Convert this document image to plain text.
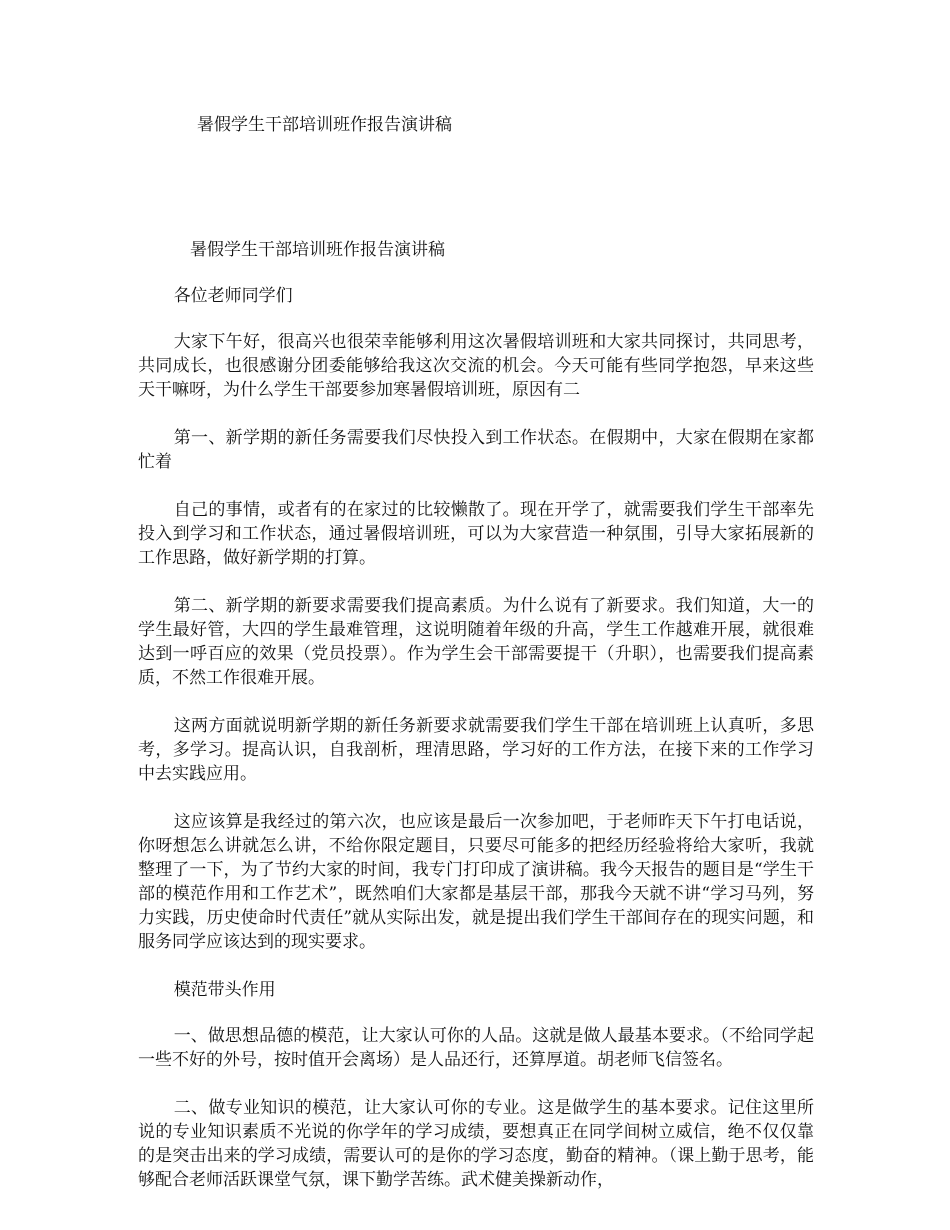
暑假学生干部培训班作报告演讲稿

暑假学生干部培训班作报告演讲稿

各位老师同学们

大家下午好，很高兴也很荣幸能够利用这次暑假培训班和大家共同探讨，共同思考，共同成长，也很感谢分团委能够给我这次交流的机会。今天可能有些同学抱怨，早来这些天干嘛呀，为什么学生干部要参加寒暑假培训班，原因有二

第一、新学期的新任务需要我们尽快投入到工作状态。在假期中，大家在假期在家都忙着

自己的事情，或者有的在家过的比较懒散了。现在开学了，就需要我们学生干部率先投入到学习和工作状态，通过暑假培训班，可以为大家营造一种氛围，引导大家拓展新的工作思路，做好新学期的打算。

第二、新学期的新要求需要我们提高素质。为什么说有了新要求。我们知道，大一的学生最好管，大四的学生最难管理，这说明随着年级的升高，学生工作越难开展，就很难达到一呼百应的效果（党员投票）。作为学生会干部需要提干（升职），也需要我们提高素质，不然工作很难开展。

这两方面就说明新学期的新任务新要求就需要我们学生干部在培训班上认真听，多思考，多学习。提高认识，自我剖析，理清思路，学习好的工作方法，在接下来的工作学习中去实践应用。

这应该算是我经过的第六次，也应该是最后一次参加吧，于老师昨天下午打电话说，你呀想怎么讲就怎么讲，不给你限定题目，只要尽可能多的把经历经验将给大家听，我就整理了一下，为了节约大家的时间，我专门打印成了演讲稿。我今天报告的题目是“学生干部的模范作用和工作艺术”，既然咱们大家都是基层干部，那我今天就不讲“学习马列，努力实践，历史使命时代责任”就从实际出发，就是提出我们学生干部间存在的现实问题，和服务同学应该达到的现实要求。

模范带头作用

一、做思想品德的模范，让大家认可你的人品。这就是做人最基本要求。（不给同学起一些不好的外号，按时值开会离场）是人品还行，还算厚道。胡老师飞信签名。

二、做专业知识的模范，让大家认可你的专业。这是做学生的基本要求。记住这里所说的专业知识素质不光说的你学年的学习成绩，要想真正在同学间树立威信，绝不仅仅靠的是突击出来的学习成绩，需要认可的是你的学习态度，勤奋的精神。（课上勤于思考，能够配合老师活跃课堂气氛，课下勤学苦练。武术健美操新动作，
